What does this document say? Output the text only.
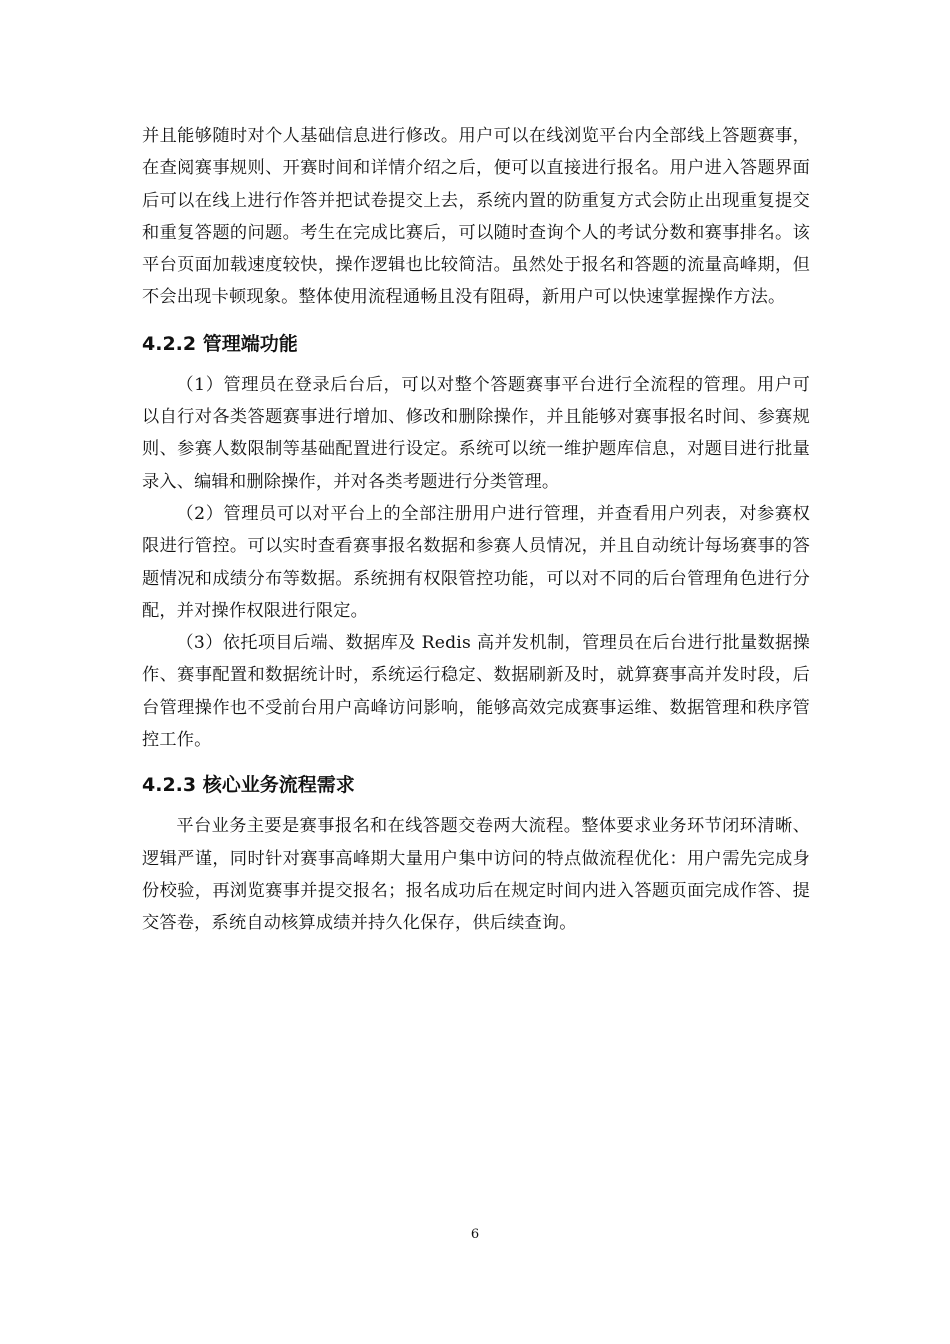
并且能够随时对个人基础信息进行修改。用户可以在线浏览平台内全部线上答题赛事，在查阅赛事规则、开赛时间和详情介绍之后，便可以直接进行报名。用户进入答题界面后可以在线上进行作答并把试卷提交上去，系统内置的防重复方式会防止出现重复提交和重复答题的问题。考生在完成比赛后，可以随时查询个人的考试分数和赛事排名。该平台页面加载速度较快，操作逻辑也比较简洁。虽然处于报名和答题的流量高峰期，但不会出现卡顿现象。整体使用流程通畅且没有阻碍，新用户可以快速掌握操作方法。

4.2.2 管理端功能

（1）管理员在登录后台后，可以对整个答题赛事平台进行全流程的管理。用户可以自行对各类答题赛事进行增加、修改和删除操作，并且能够对赛事报名时间、参赛规则、参赛人数限制等基础配置进行设定。系统可以统一维护题库信息，对题目进行批量录入、编辑和删除操作，并对各类考题进行分类管理。

（2）管理员可以对平台上的全部注册用户进行管理，并查看用户列表，对参赛权限进行管控。可以实时查看赛事报名数据和参赛人员情况，并且自动统计每场赛事的答题情况和成绩分布等数据。系统拥有权限管控功能，可以对不同的后台管理角色进行分配，并对操作权限进行限定。

（3）依托项目后端、数据库及 Redis 高并发机制，管理员在后台进行批量数据操作、赛事配置和数据统计时，系统运行稳定、数据刷新及时，就算赛事高并发时段，后台管理操作也不受前台用户高峰访问影响，能够高效完成赛事运维、数据管理和秩序管控工作。

4.2.3 核心业务流程需求

平台业务主要是赛事报名和在线答题交卷两大流程。整体要求业务环节闭环清晰、逻辑严谨，同时针对赛事高峰期大量用户集中访问的特点做流程优化：用户需先完成身份校验，再浏览赛事并提交报名；报名成功后在规定时间内进入答题页面完成作答、提交答卷，系统自动核算成绩并持久化保存，供后续查询。

6
